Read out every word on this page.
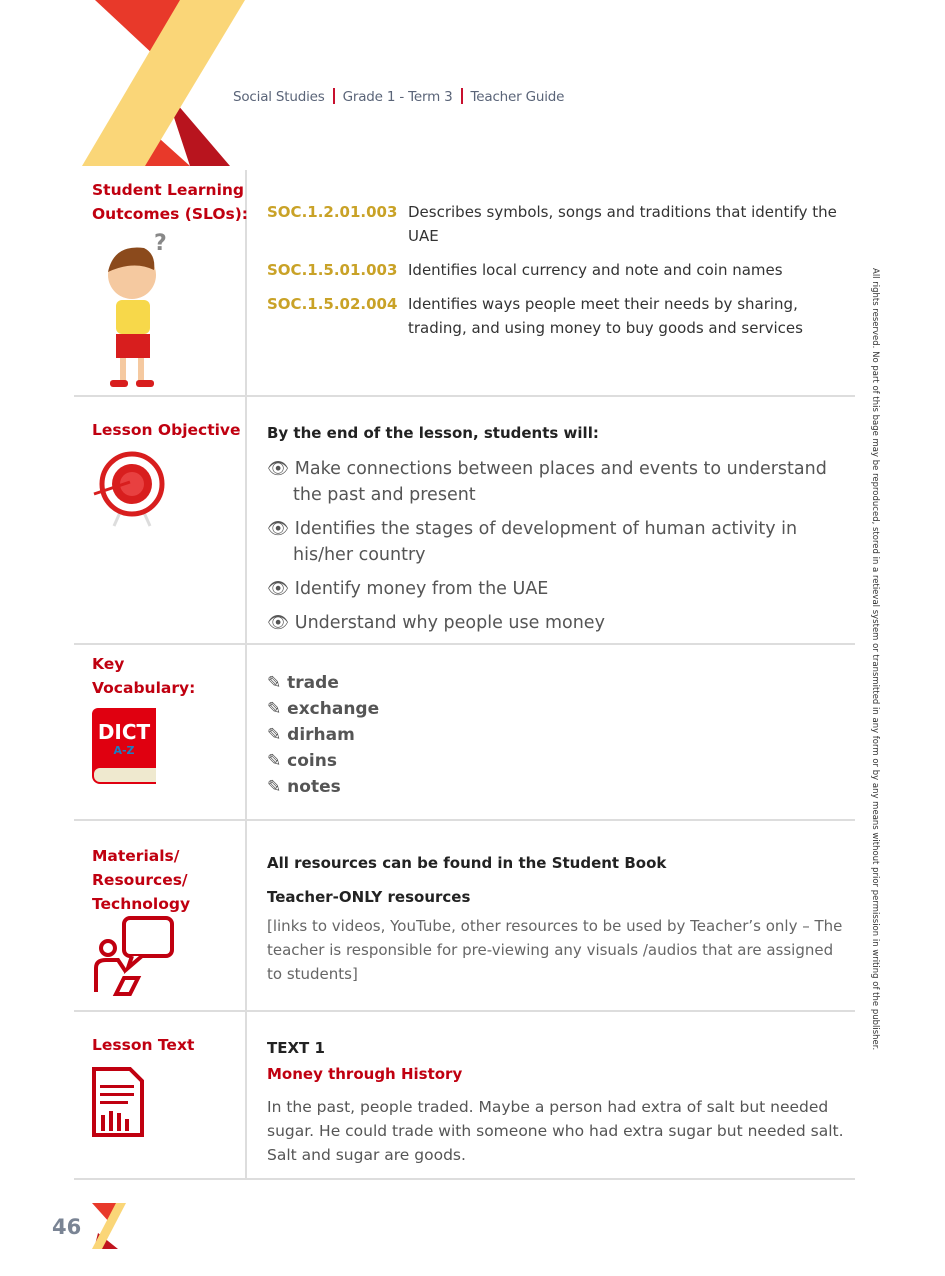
Social Studies Grade 1 - Term 3 Teacher Guide
Student Learning Outcomes (SLOs):
?
SOC.1.2.01.003 Describes symbols, songs and traditions that identify the UAE
SOC.1.5.01.003 Identifies local currency and note and coin names
SOC.1.5.02.004 Identifies ways people meet their needs by sharing, trading, and using money to buy goods and services
Lesson Objective By the end of the lesson, students will:
👁 Make connections between places and events to understand the past and present
👁 Identifies the stages of development of human activity in his/her country
👁 Identify money from the UAE
👁 Understand why people use money
Key Vocabulary:
DICT
A-Z
✎ trade
✎ exchange
✎ dirham
✎ coins
✎ notes
Materials/ Resources/ Technology
All resources can be found in the Student Book
Teacher-ONLY resources
[links to videos, YouTube, other resources to be used by Teacher’s only – The teacher is responsible for pre-viewing any visuals /audios that are assigned to students]
Lesson Text	TEXT 1
Money through History
In the past, people traded. Maybe a person had extra of salt but needed sugar. He could trade with someone who had extra sugar but needed salt. Salt and sugar are goods.
All rights reserved. No part of this bage may be reproduced, stored in a retieval system or transmitted in any form or by any means without prior permission in writing of the publisher.
46
